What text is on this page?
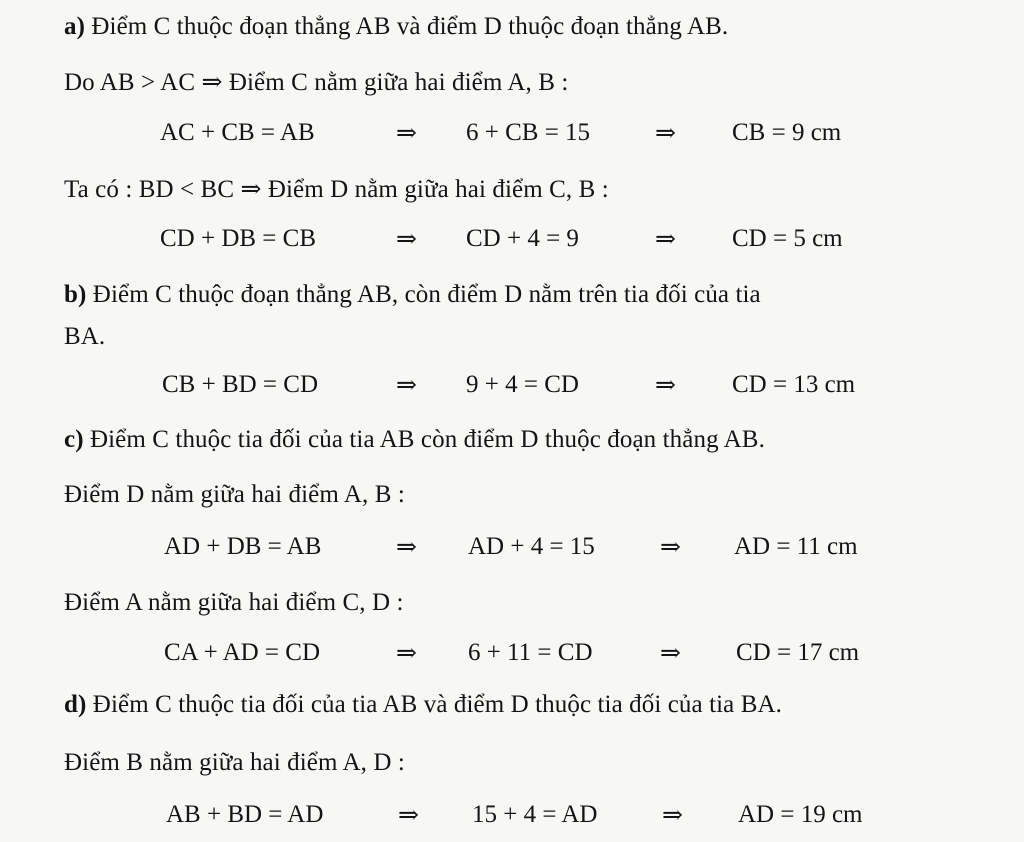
a) Điểm C thuộc đoạn thẳng AB và điểm D thuộc đoạn thẳng AB.
Do AB > AC ⇒ Điểm C nằm giữa hai điểm A, B :
AC + CB = AB	⇒ 6 + CB = 15	⇒ CB = 9 cm
Ta có : BD < BC ⇒ Điểm D nằm giữa hai điểm C, B :
CD + DB = CB	⇒ CD + 4 = 9	⇒ CD = 5 cm
b) Điểm C thuộc đoạn thẳng AB, còn điểm D nằm trên tia đối của tia
BA.
CB + BD = CD	⇒ 9 + 4 = CD	⇒ CD = 13 cm
c) Điểm C thuộc tia đối của tia AB còn điểm D thuộc đoạn thẳng AB.
Điểm D nằm giữa hai điểm A, B :
AD + DB = AB	⇒ AD + 4 = 15	⇒ AD = 11 cm
Điểm A nằm giữa hai điểm C, D :
CA + AD = CD	⇒ 6 + 11 = CD	⇒ CD = 17 cm
d) Điểm C thuộc tia đối của tia AB và điểm D thuộc tia đối của tia BA.
Điểm B nằm giữa hai điểm A, D :
AB + BD = AD	⇒ 15 + 4 = AD	⇒ AD = 19 cm
